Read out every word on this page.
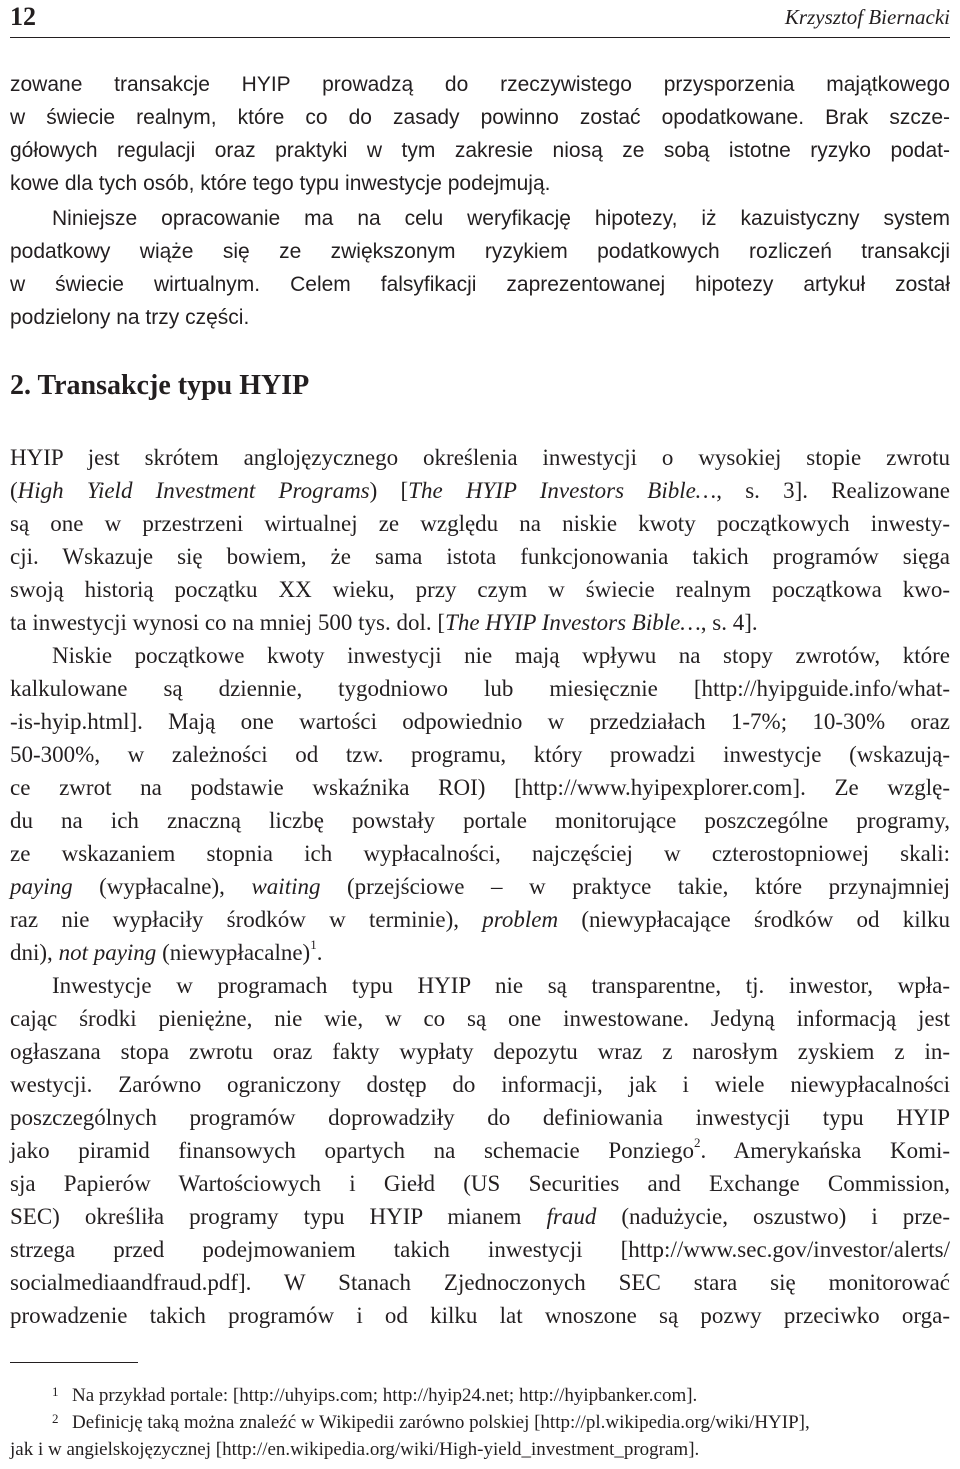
12	Krzysztof Biernacki
zowane transakcje HYIP prowadzą do rzeczywistego przysporzenia majątkowego
w świecie realnym, które co do zasady powinno zostać opodatkowane. Brak szcze-
gółowych regulacji oraz praktyki w tym zakresie niosą ze sobą istotne ryzyko podat-
kowe dla tych osób, które tego typu inwestycje podejmują.
Niniejsze opracowanie ma na celu weryfikację hipotezy, iż kazuistyczny system
podatkowy wiąże się ze zwiększonym ryzykiem podatkowych rozliczeń transakcji
w świecie wirtualnym. Celem falsyfikacji zaprezentowanej hipotezy artykuł został
podzielony na trzy części.
2. Transakcje typu HYIP
HYIP jest skrótem anglojęzycznego określenia inwestycji o wysokiej stopie zwrotu
(High Yield Investment Programs) [The HYIP Investors Bible…, s. 3]. Realizowane
są one w przestrzeni wirtualnej ze względu na niskie kwoty początkowych inwesty-
cji. Wskazuje się bowiem, że sama istota funkcjonowania takich programów sięga
swoją historią początku XX wieku, przy czym w świecie realnym początkowa kwo-
ta inwestycji wynosi co na mniej 500 tys. dol. [The HYIP Investors Bible…, s. 4].
Niskie początkowe kwoty inwestycji nie mają wpływu na stopy zwrotów, które
kalkulowane są dziennie, tygodniowo lub miesięcznie [http://hyipguide.info/what-
-is-hyip.html]. Mają one wartości odpowiednio w przedziałach 1-7%; 10-30% oraz
50-300%, w zależności od tzw. programu, który prowadzi inwestycje (wskazują-
ce zwrot na podstawie wskaźnika ROI) [http://www.hyipexplorer.com]. Ze wzglę-
du na ich znaczną liczbę powstały portale monitorujące poszczególne programy,
ze wskazaniem stopnia ich wypłacalności, najczęściej w czterostopniowej skali:
paying (wypłacalne), waiting (przejściowe – w praktyce takie, które przynajmniej
raz nie wypłaciły środków w terminie), problem (niewypłacające środków od kilku
dni), not paying (niewypłacalne)$^1$.
Inwestycje w programach typu HYIP nie są transparentne, tj. inwestor, wpła-
cając środki pieniężne, nie wie, w co są one inwestowane. Jedyną informacją jest
ogłaszana stopa zwrotu oraz fakty wypłaty depozytu wraz z narosłym zyskiem z in-
westycji. Zarówno ograniczony dostęp do informacji, jak i wiele niewypłacalności
poszczególnych programów doprowadziły do definiowania inwestycji typu HYIP
jako piramid finansowych opartych na schemacie Ponziego$^2$. Amerykańska Komi-
sja Papierów Wartościowych i Giełd (US Securities and Exchange Commission,
SEC) określiła programy typu HYIP mianem fraud (nadużycie, oszustwo) i prze-
strzega przed podejmowaniem takich inwestycji [http://www.sec.gov/investor/alerts/
socialmediaandfraud.pdf]. W Stanach Zjednoczonych SEC stara się monitorować
prowadzenie takich programów i od kilku lat wnoszone są pozwy przeciwko orga-
1 Na przykład portale: [http://uhyips.com; http://hyip24.net; http://hyipbanker.com].
2 Definicję taką można znaleźć w Wikipedii zarówno polskiej [http://pl.wikipedia.org/wiki/HYIP],
jak i w angielskojęzycznej [http://en.wikipedia.org/wiki/High-yield_investment_program].
